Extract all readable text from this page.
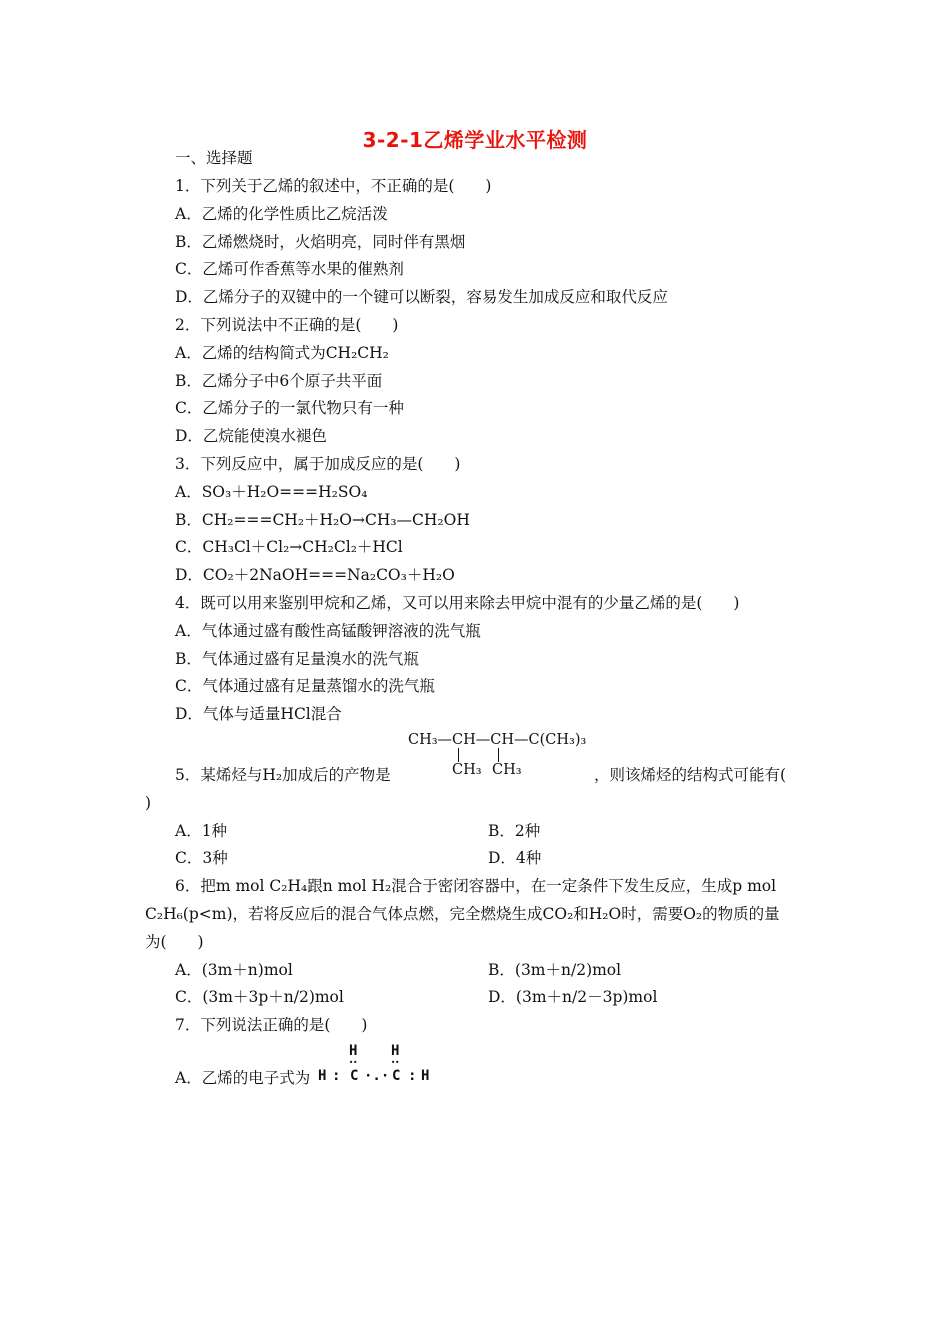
3-2-1乙烯学业水平检测
一、选择题
1．下列关于乙烯的叙述中，不正确的是(　　)
A．乙烯的化学性质比乙烷活泼
B．乙烯燃烧时，火焰明亮，同时伴有黑烟
C．乙烯可作香蕉等水果的催熟剂
D．乙烯分子的双键中的一个键可以断裂，容易发生加成反应和取代反应
2．下列说法中不正确的是(　　)
A．乙烯的结构简式为CH₂CH₂
B．乙烯分子中6个原子共平面
C．乙烯分子的一氯代物只有一种
D．乙烷能使溴水褪色
3．下列反应中，属于加成反应的是(　　)
A．SO₃＋H₂O===H₂SO₄
B．CH₂===CH₂＋H₂O→CH₃—CH₂OH
C．CH₃Cl＋Cl₂→CH₂Cl₂＋HCl
D．CO₂＋2NaOH===Na₂CO₃＋H₂O
4．既可以用来鉴别甲烷和乙烯，又可以用来除去甲烷中混有的少量乙烯的是(　　)
A．气体通过盛有酸性高锰酸钾溶液的洗气瓶
B．气体通过盛有足量溴水的洗气瓶
C．气体通过盛有足量蒸馏水的洗气瓶
D．气体与适量HCl混合
CH₃—CH—CH—C(CH₃)₃
CH₃ CH₃
5．某烯烃与H₂加成后的产物是	，则该烯烃的结构式可能有(
)
A．1种	B．2种
C．3种	D．4种
6．把m mol C₂H₄跟n mol H₂混合于密闭容器中，在一定条件下发生反应，生成p mol
C₂H₆(p<m)，若将反应后的混合气体点燃，完全燃烧生成CO₂和H₂O时，需要O₂的物质的量
为(　　)
A．(3m＋n)mol	B．(3m＋n/2)mol
C．(3m＋3p＋n/2)mol	D．(3m＋n/2－3p)mol
7．下列说法正确的是(　　)
A．乙烯的电子式为
H H
··	··
H : C ·.· C : H
